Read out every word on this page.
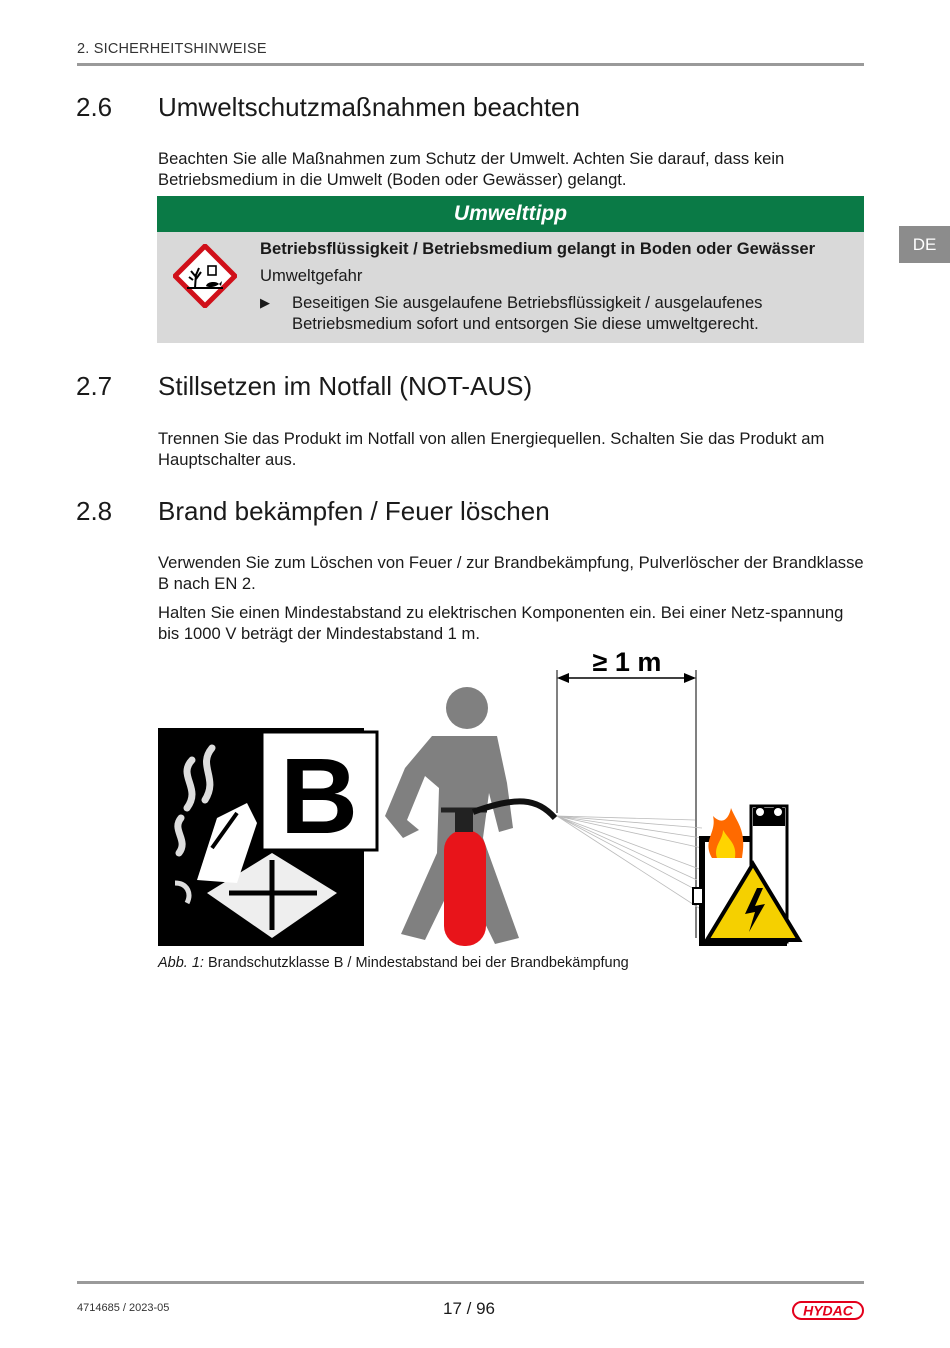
2. SICHERHEITSHINWEISE
DE
2.6 Umweltschutzmaßnahmen beachten

Beachten Sie alle Maßnahmen zum Schutz der Umwelt. Achten Sie darauf, dass kein Betriebsmedium in die Umwelt (Boden oder Gewässer) gelangt.

Umwelttipp
Betriebsflüssigkeit / Betriebsmedium gelangt in Boden oder Gewässer
Umweltgefahr
▶	Beseitigen Sie ausgelaufene Betriebsflüssigkeit / ausgelaufenes Betriebsmedium sofort und entsorgen Sie diese umweltgerecht.
2.7 Stillsetzen im Notfall (NOT-AUS)

Trennen Sie das Produkt im Notfall von allen Energiequellen. Schalten Sie das Produkt am Hauptschalter aus.

2.8 Brand bekämpfen / Feuer löschen

Verwenden Sie zum Löschen von Feuer / zur Brandbekämpfung, Pulverlöscher der Brandklasse B nach EN 2.

Halten Sie einen Mindestabstand zu elektrischen Komponenten ein. Bei einer Netz-spannung bis 1000 V beträgt der Mindestabstand 1 m.

B
≥ 1 m
Abb. 1: Brandschutzklasse B / Mindestabstand bei der Brandbekämpfung
4714685 / 2023-05	17 / 96	HYDAC
